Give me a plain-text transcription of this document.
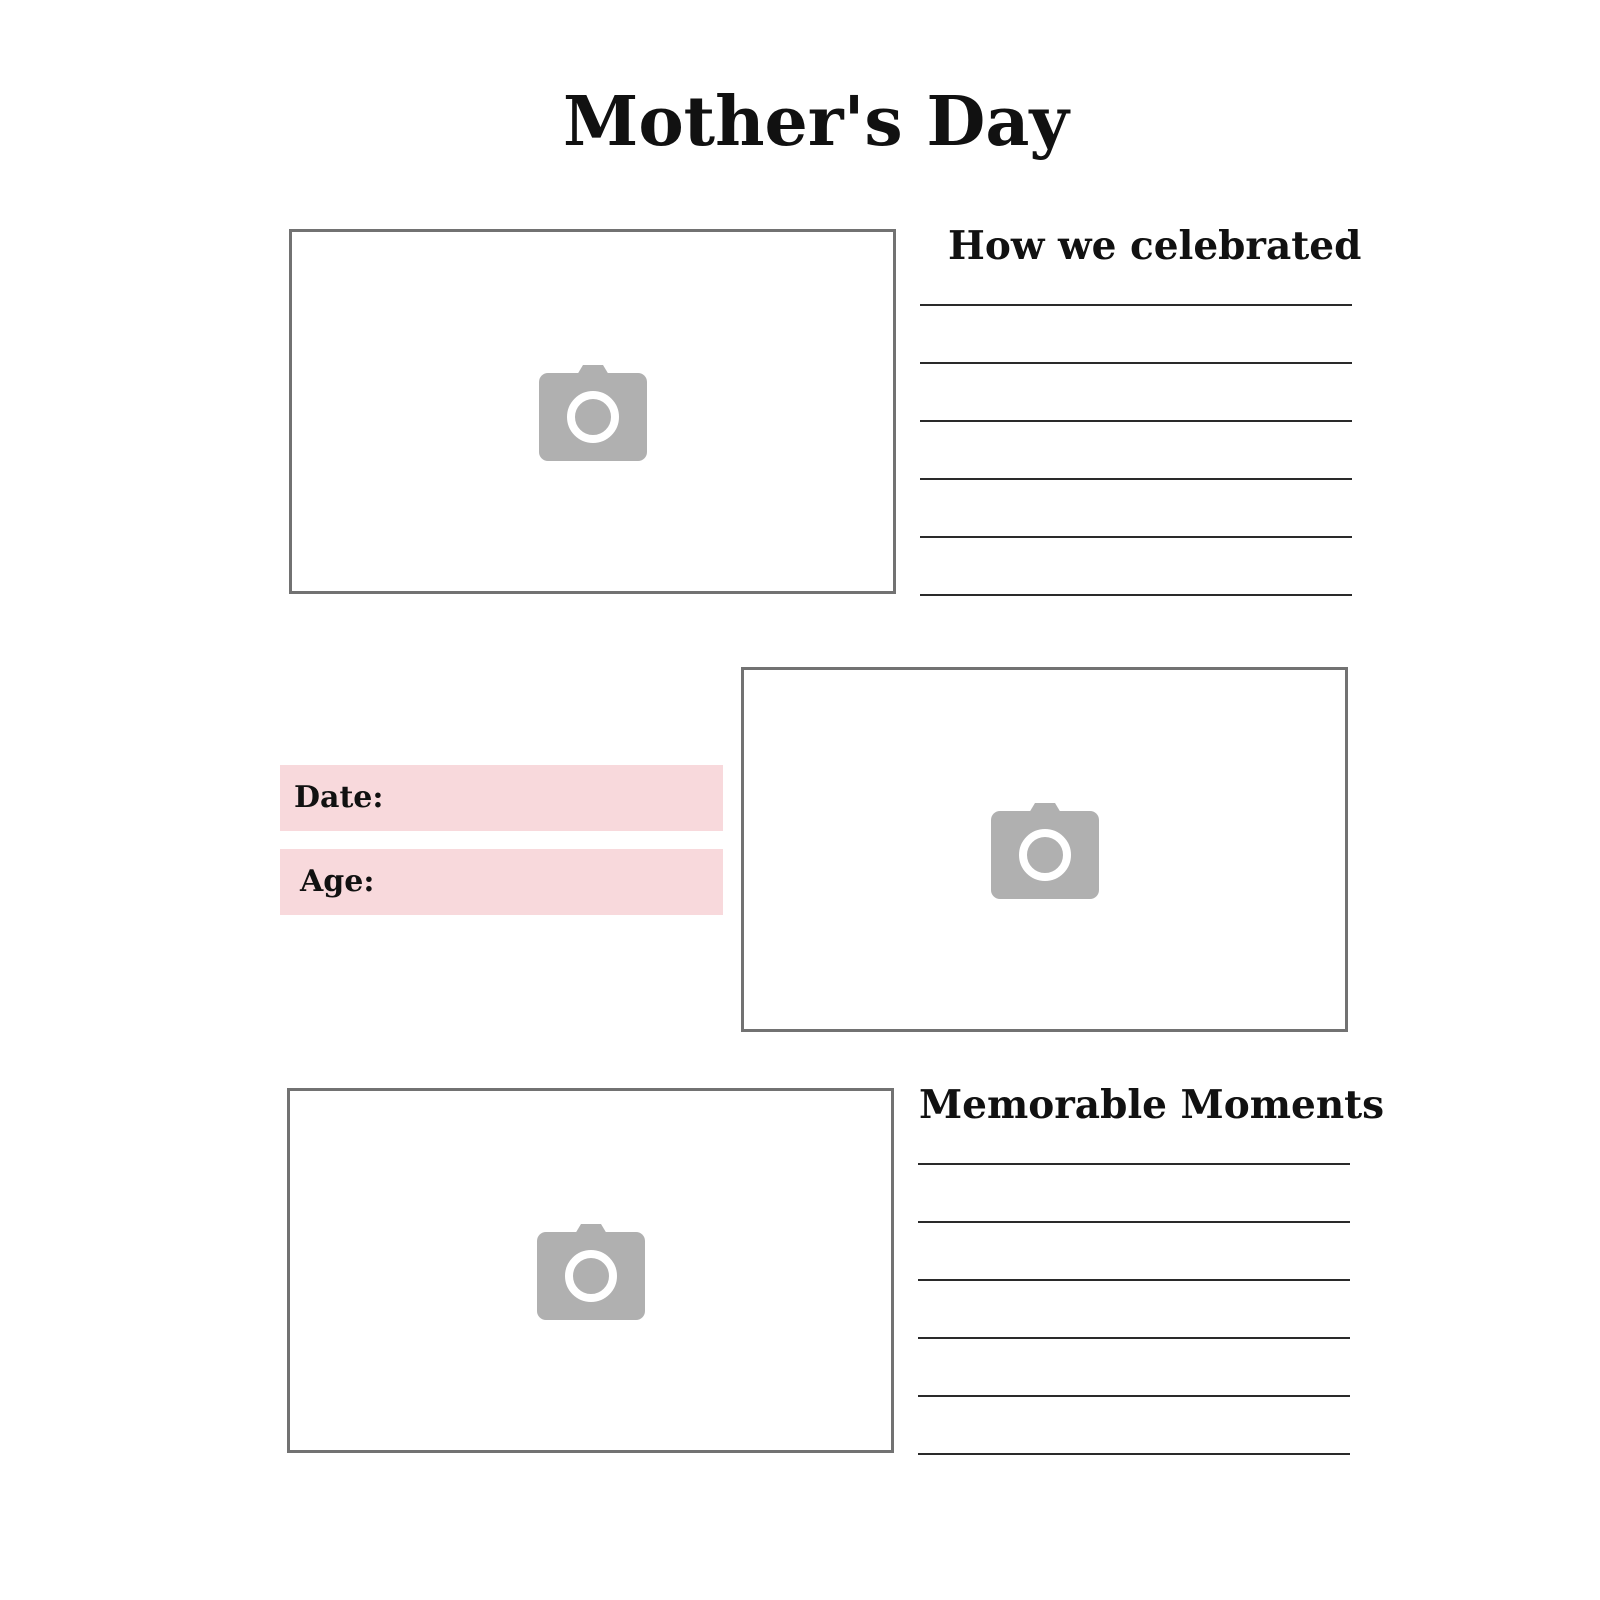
Mother's Day
How we celebrated
Date:
Age:
Memorable Moments
